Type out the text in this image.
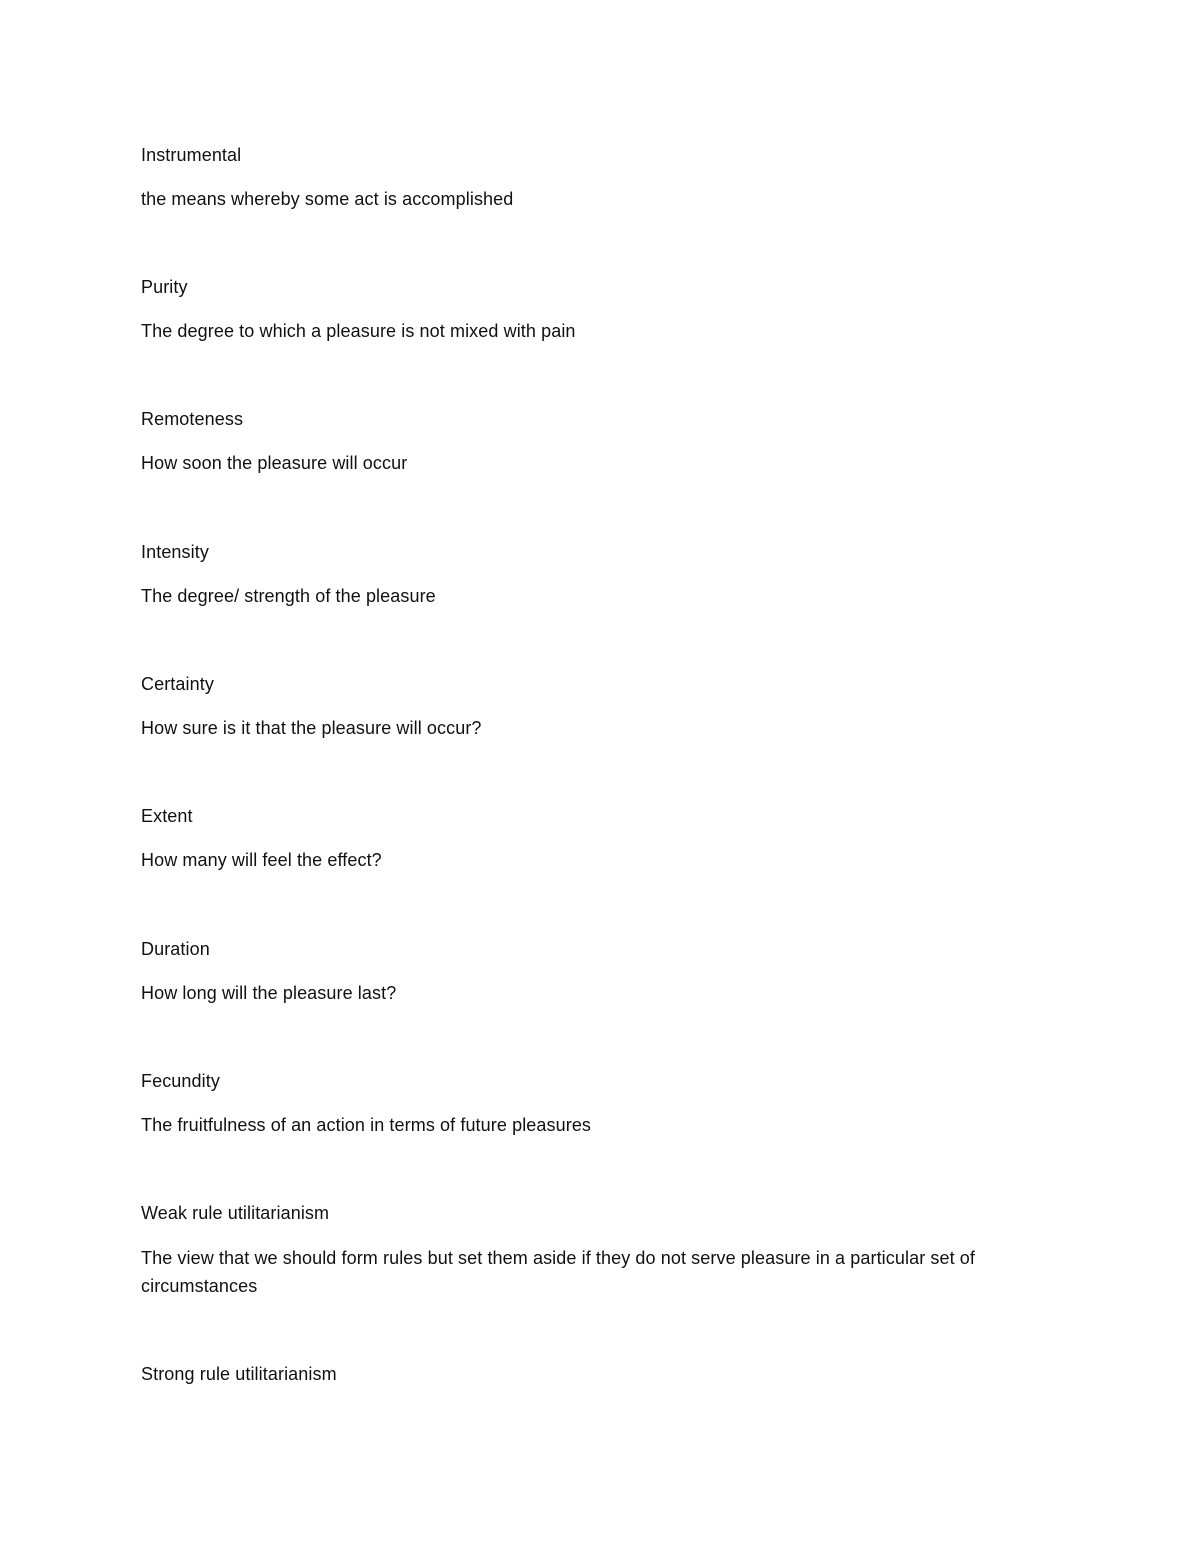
Instrumental
the means whereby some act is accomplished
Purity
The degree to which a pleasure is not mixed with pain
Remoteness
How soon the pleasure will occur
Intensity
The degree/ strength of the pleasure
Certainty
How sure is it that the pleasure will occur?
Extent
How many will feel the effect?
Duration
How long will the pleasure last?
Fecundity
The fruitfulness of an action in terms of future pleasures
Weak rule utilitarianism
The view that we should form rules but set them aside if they do not serve pleasure in a particular set of circumstances
Strong rule utilitarianism
